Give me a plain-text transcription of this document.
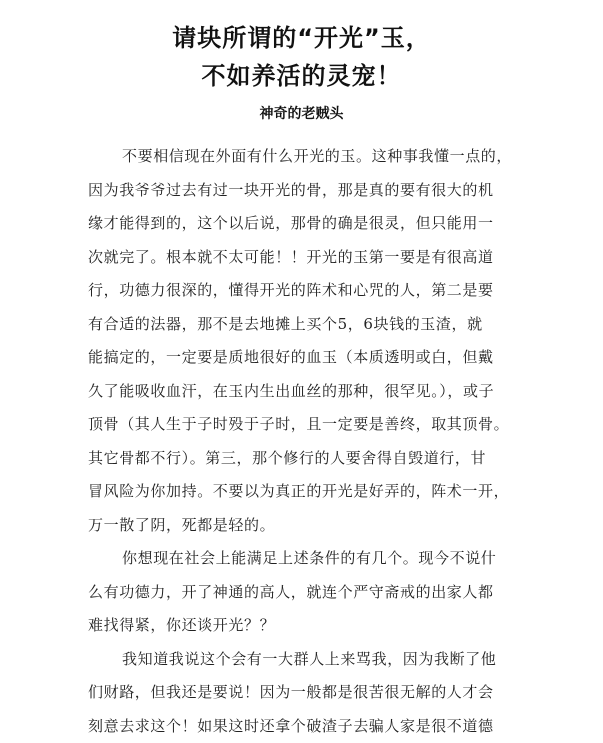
请块所谓的“开光”玉，
不如养活的灵宠！
神奇的老贼头
不要相信现在外面有什么开光的玉。这种事我懂一点的，
因为我爷爷过去有过一块开光的骨，那是真的要有很大的机
缘才能得到的，这个以后说，那骨的确是很灵，但只能用一
次就完了。根本就不太可能！！开光的玉第一要是有很高道
行，功德力很深的，懂得开光的阵术和心咒的人，第二是要
有合适的法器，那不是去地摊上买个5，6块钱的玉渣，就
能搞定的，一定要是质地很好的血玉（本质透明或白，但戴
久了能吸收血汗，在玉内生出血丝的那种，很罕见。），或子
顶骨（其人生于子时殁于子时，且一定要是善终，取其顶骨。
其它骨都不行）。第三，那个修行的人要舍得自毁道行，甘
冒风险为你加持。不要以为真正的开光是好弄的，阵术一开，
万一散了阴，死都是轻的。
你想现在社会上能满足上述条件的有几个。现今不说什
么有功德力，开了神通的高人，就连个严守斋戒的出家人都
难找得紧，你还谈开光？？
我知道我说这个会有一大群人上来骂我，因为我断了他
们财路，但我还是要说！因为一般都是很苦很无解的人才会
刻意去求这个！如果这时还拿个破渣子去骗人家是很不道德
